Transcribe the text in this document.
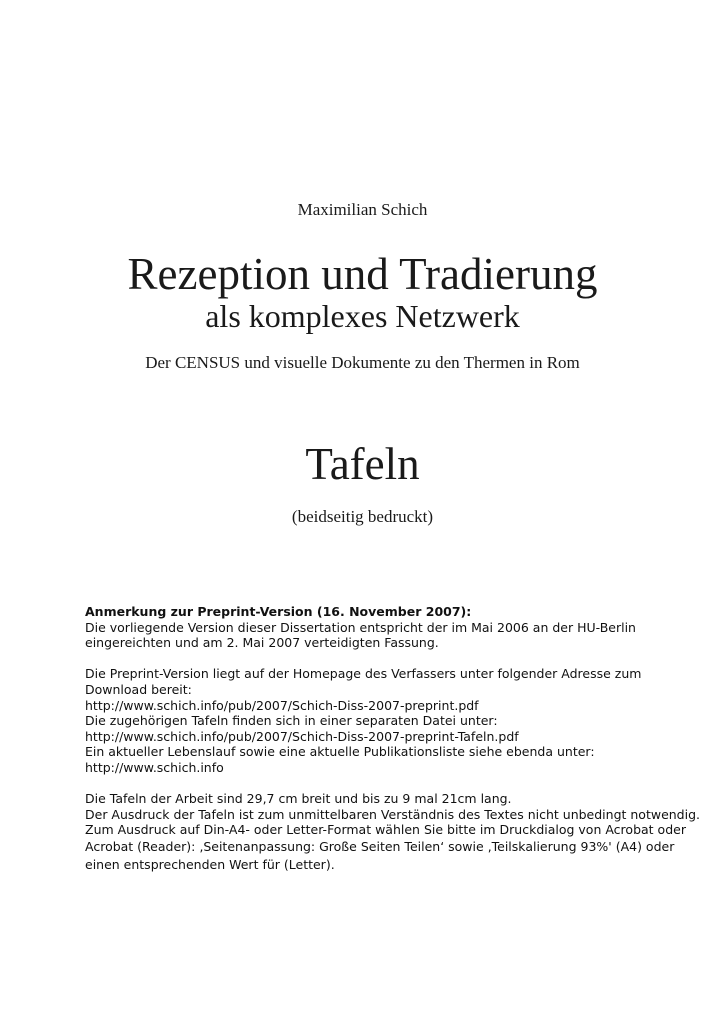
Maximilian Schich
Rezeption und Tradierung
als komplexes Netzwerk
Der CENSUS und visuelle Dokumente zu den Thermen in Rom
Tafeln
(beidseitig bedruckt)

Anmerkung zur Preprint-Version (16. November 2007):

Die vorliegende Version dieser Dissertation entspricht der im Mai 2006 an der HU-Berlin

eingereichten und am 2. Mai 2007 verteidigten Fassung.

Die Preprint-Version liegt auf der Homepage des Verfassers unter folgender Adresse zum

Download bereit:

http://www.schich.info/pub/2007/Schich-Diss-2007-preprint.pdf

Die zugehörigen Tafeln finden sich in einer separaten Datei unter:

http://www.schich.info/pub/2007/Schich-Diss-2007-preprint-Tafeln.pdf

Ein aktueller Lebenslauf sowie eine aktuelle Publikationsliste siehe ebenda unter:

http://www.schich.info

Die Tafeln der Arbeit sind 29,7 cm breit und bis zu 9 mal 21cm lang.

Der Ausdruck der Tafeln ist zum unmittelbaren Verständnis des Textes nicht unbedingt notwendig.

Zum Ausdruck auf Din-A4- oder Letter-Format wählen Sie bitte im Druckdialog von Acrobat oder

Acrobat (Reader): ‚Seitenanpassung: Große Seiten Teilen‘ sowie ‚Teilskalierung 93%' (A4) oder

einen entsprechenden Wert für (Letter).
